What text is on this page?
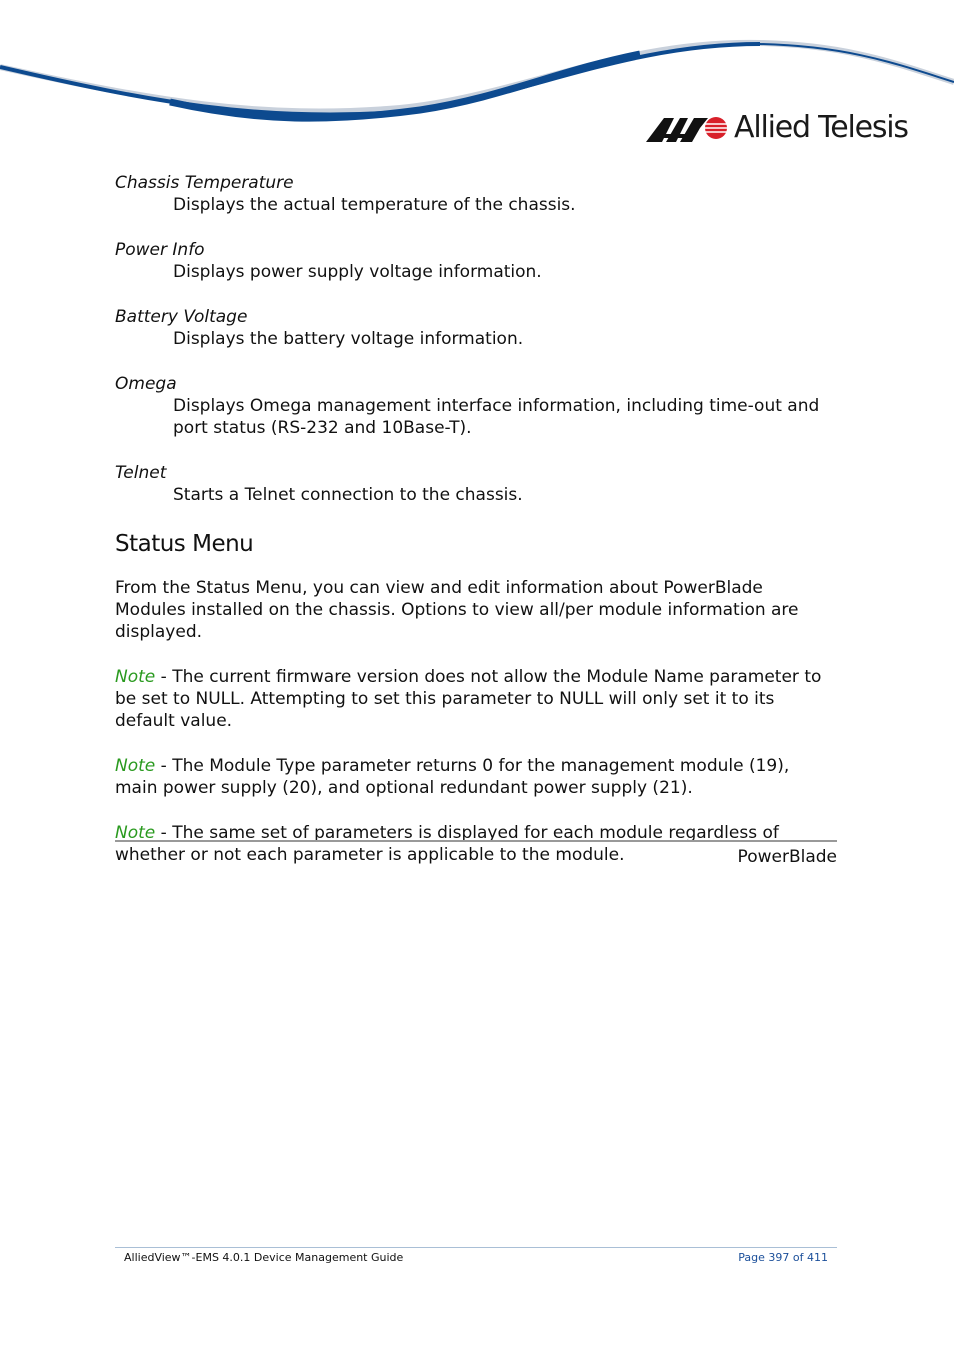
Allied Telesis

Chassis Temperature

Displays the actual temperature of the chassis.

Power Info

Displays power supply voltage information.

Battery Voltage

Displays the battery voltage information.

Omega

Displays Omega management interface information, including time-out and port status (RS-232 and 10Base-T).

Telnet

Starts a Telnet connection to the chassis.

Status Menu

From the Status Menu, you can view and edit information about PowerBlade Modules installed on the chassis. Options to view all/per module information are displayed.

Note - The current firmware version does not allow the Module Name parameter to be set to NULL. Attempting to set this parameter to NULL will only set it to its default value.

Note - The Module Type parameter returns 0 for the management module (19), main power supply (20), and optional redundant power supply (21).

Note - The same set of parameters is displayed for each module regardless of whether or not each parameter is applicable to the module.	PowerBlade
AlliedView™-EMS 4.0.1 Device Management Guide	Page 397 of 411
